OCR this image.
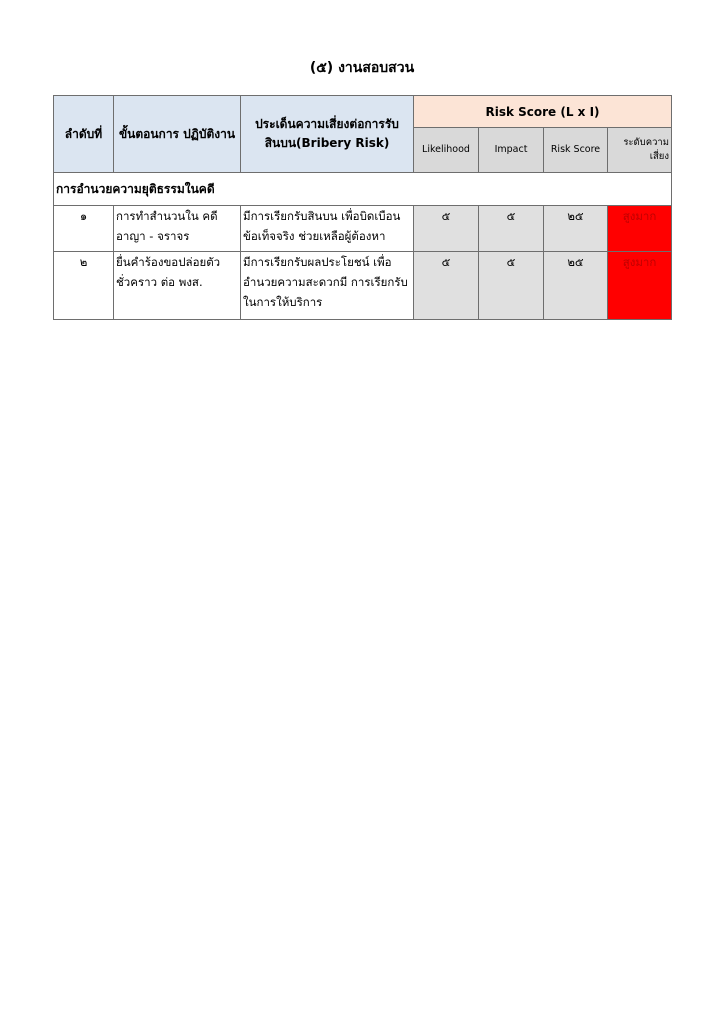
(๕) งานสอบสวน
ลำดับที่	ขั้นตอนการ ปฏิบัติงาน	ประเด็นความเสี่ยงต่อการรับ สินบน(Bribery Risk)	Risk Score (L x I)			
			Likelihood	Impact	Risk Score	ระดับความ เสี่ยง
การอำนวยความยุติธรรมในคดี						
๑	การทำสำนวนใน คดีอาญา - จราจร	มีการเรียกรับสินบน เพื่อบิดเบือน ข้อเท็จจริง ช่วยเหลือผู้ต้องหา	๕	๕	๒๕	สูงมาก
๒	ยื่นคำร้องขอปล่อยตัว ชั่วคราว ต่อ พงส.	มีการเรียกรับผลประโยชน์ เพื่อ อำนวยความสะดวกมี การเรียกรับ ในการให้บริการ	๕	๕	๒๕	สูงมาก
